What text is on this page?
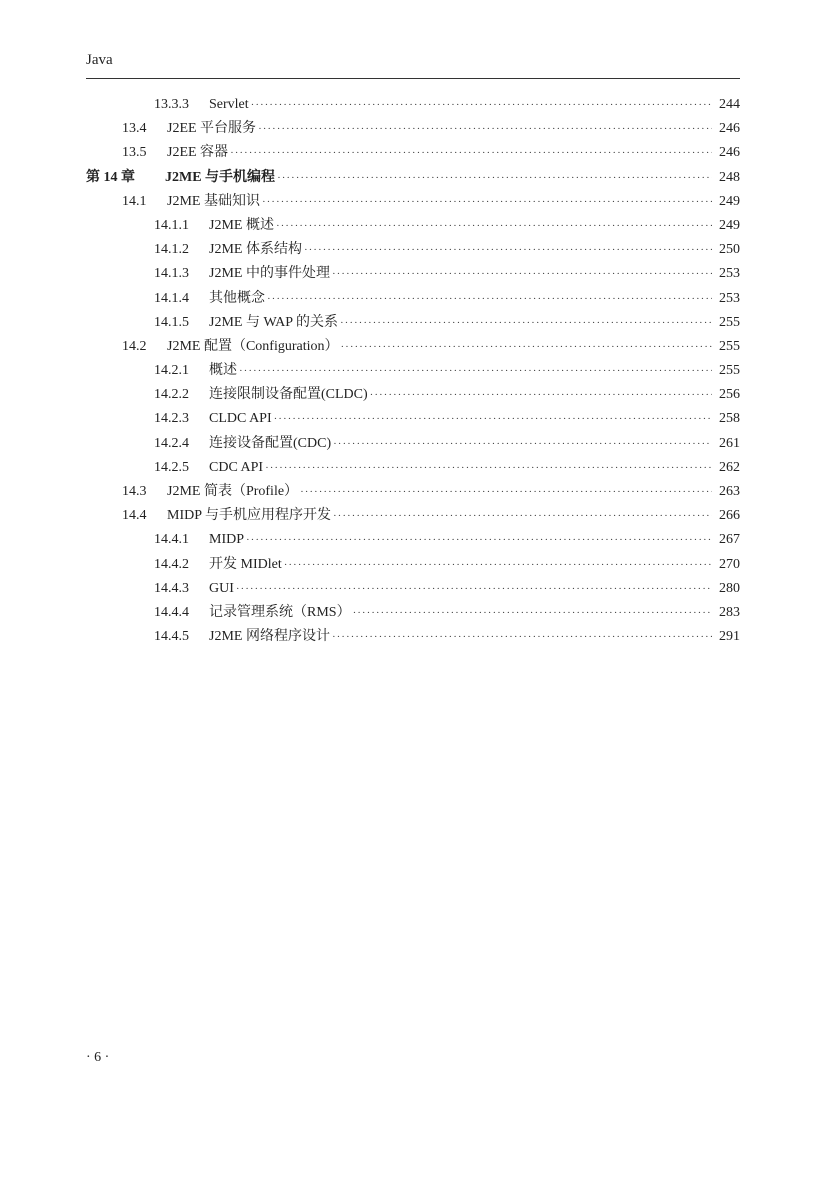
Java
13.3.3	Servlet ·····	244
13.4	J2EE 平台服务 ·····	246
13.5	J2EE 容器 ·····	246
第 14 章	J2ME 与手机编程 ·····	248
14.1	J2ME 基础知识 ·····	249
14.1.1	J2ME 概述 ·····	249
14.1.2	J2ME 体系结构 ·····	250
14.1.3	J2ME 中的事件处理 ·····	253
14.1.4	其他概念 ·····	253
14.1.5	J2ME 与 WAP 的关系 ·····	255
14.2	J2ME 配置（Configuration） ·····	255
14.2.1	概述 ·····	255
14.2.2	连接限制设备配置(CLDC) ·····	256
14.2.3	CLDC API ·····	258
14.2.4	连接设备配置(CDC) ·····	261
14.2.5	CDC API ·····	262
14.3	J2ME 简表（Profile） ·····	263
14.4	MIDP 与手机应用程序开发 ·····	266
14.4.1	MIDP ·····	267
14.4.2	开发 MIDlet ·····	270
14.4.3	GUI ·····	280
14.4.4	记录管理系统（RMS） ·····	283
14.4.5	J2ME 网络程序设计 ·····	291
· 6 ·
